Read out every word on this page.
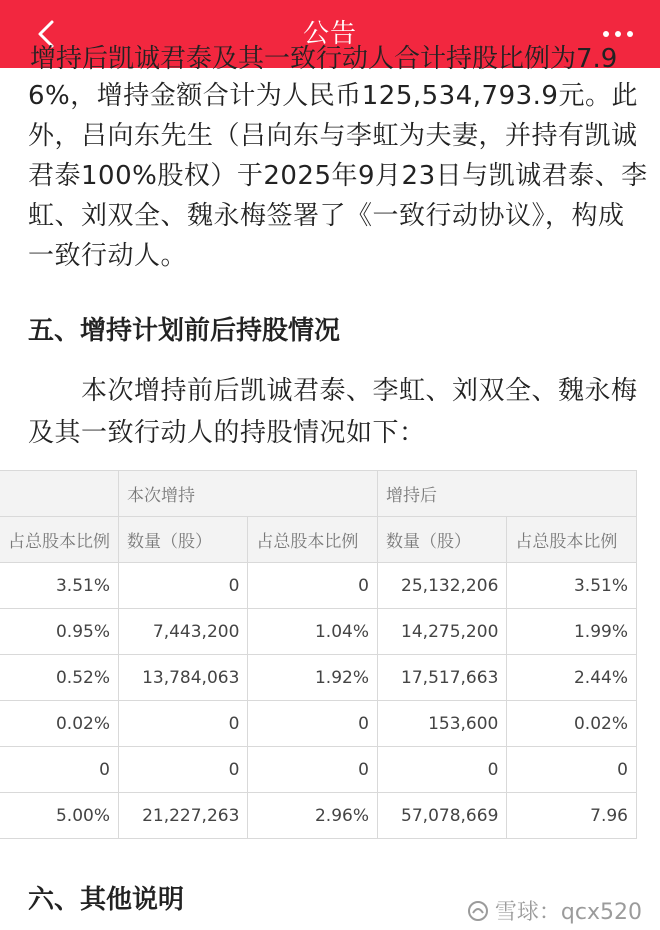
公告
增持后凯诚君泰及其一致行动人合计持股比例为7.9
6%，增持金额合计为人民币125,534,793.9元。此
外，吕向东先生（吕向东与李虹为夫妻，并持有凯诚
君泰100%股权）于2025年9月23日与凯诚君泰、李
虹、刘双全、魏永梅签署了《一致行动协议》，构成
一致行动人。
五、增持计划前后持股情况
　　本次增持前后凯诚君泰、李虹、刘双全、魏永梅
及其一致行动人的持股情况如下：
	本次增持		增持后	
占总股本比例	数量（股）	占总股本比例	数量（股）	占总股本比例
3.51%	0	0	25,132,206	3.51%
0.95%	7,443,200	1.04%	14,275,200	1.99%
0.52%	13,784,063	1.92%	17,517,663	2.44%
0.02%	0	0	153,600	0.02%
0	0	0	0	0
5.00%	21,227,263	2.96%	57,078,669	7.96
六、其他说明	雪球：qcx520
